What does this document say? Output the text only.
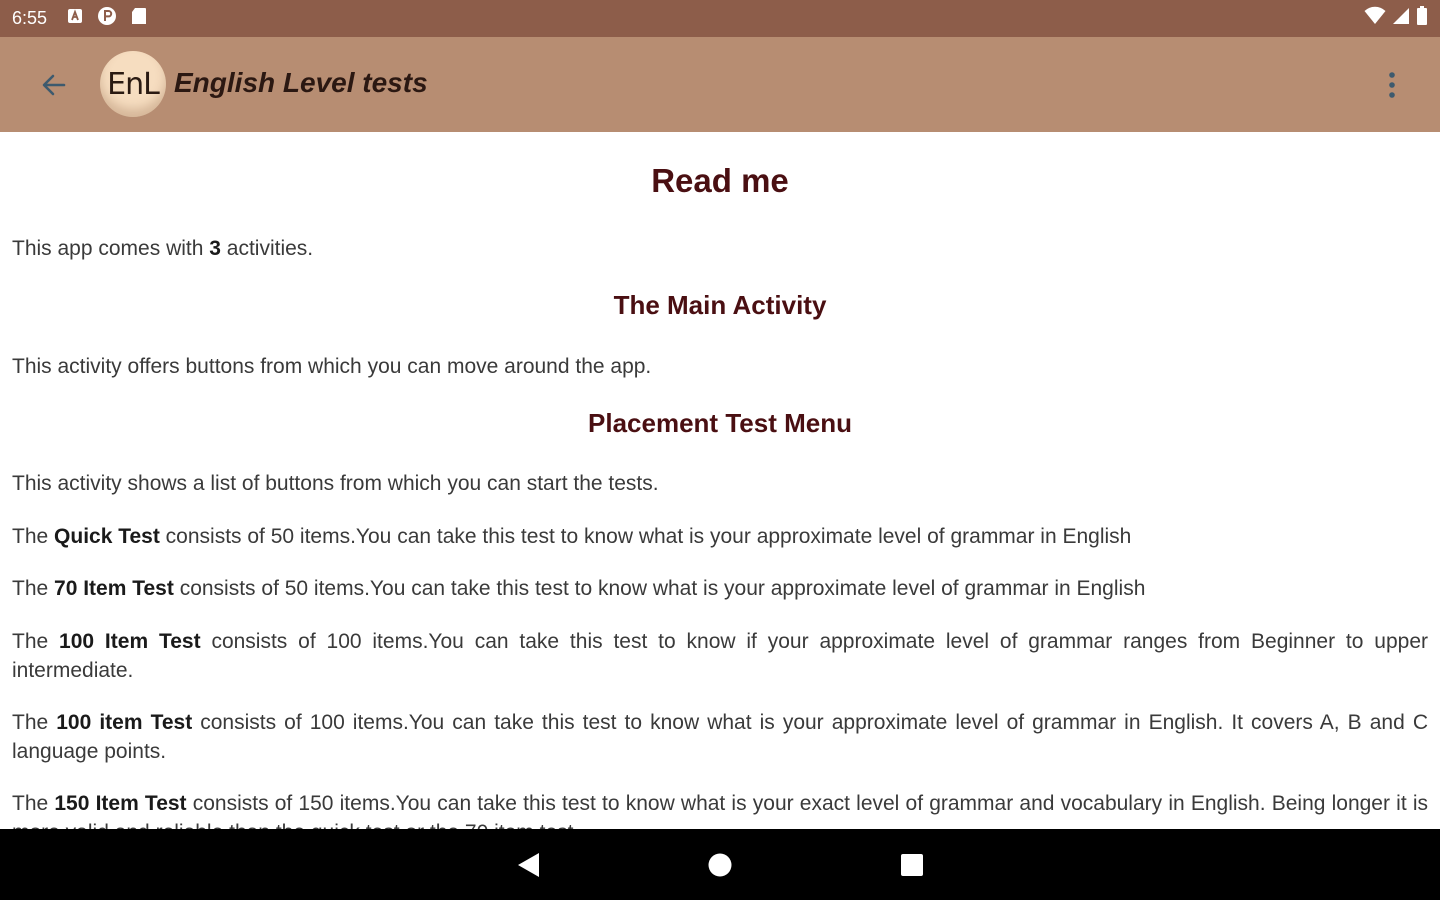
6:55
EnL English Level tests
Read me
This app comes with 3 activities.
The Main Activity
This activity offers buttons from which you can move around the app.
Placement Test Menu
This activity shows a list of buttons from which you can start the tests.
The Quick Test consists of 50 items.You can take this test to know what is your approximate level of grammar in English
The 70 Item Test consists of 50 items.You can take this test to know what is your approximate level of grammar in English
The 100 Item Test consists of 100 items.You can take this test to know if your approximate level of grammar ranges from Beginner to upper intermediate.
The 100 item Test consists of 100 items.You can take this test to know what is your approximate level of grammar in English. It covers A, B and C language points.
The 150 Item Test consists of 150 items.You can take this test to know what is your exact level of grammar and vocabulary in English. Being longer it is
